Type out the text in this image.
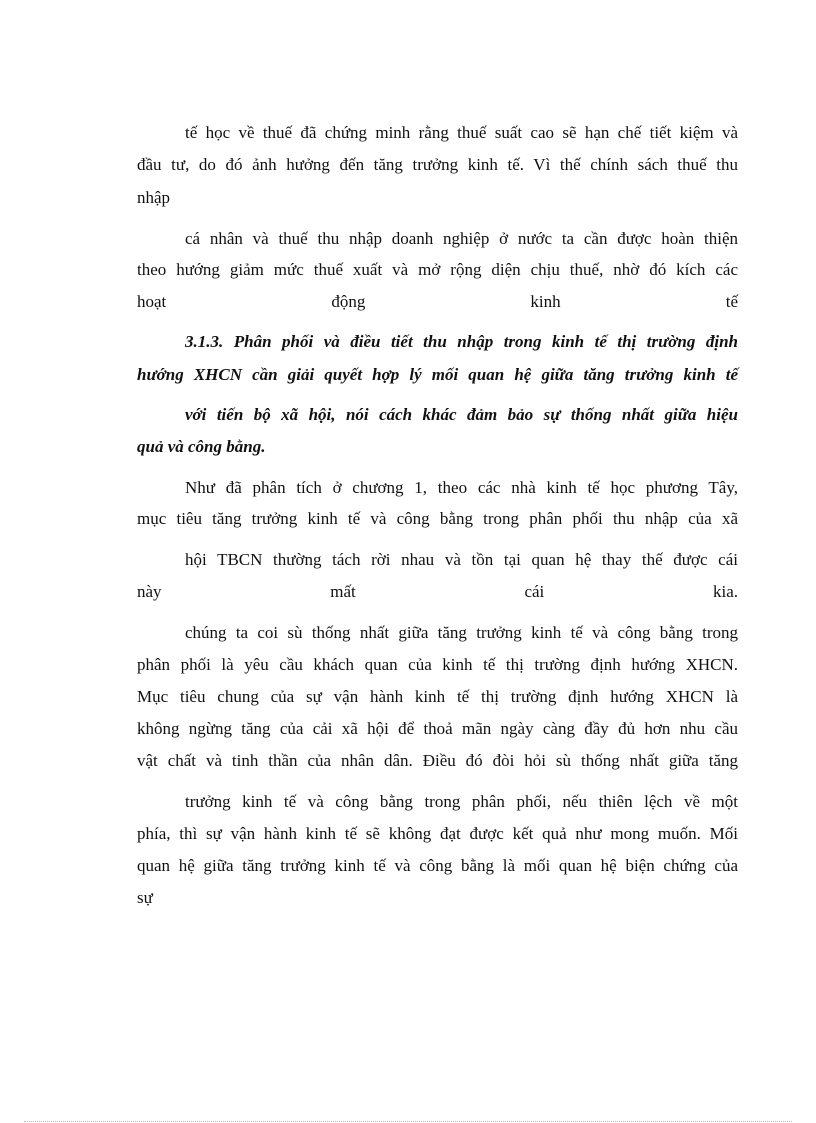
tế học về thuế đã chứng minh rằng thuế suất cao sẽ hạn chế tiết kiệm và
đầu tư, do đó ảnh hưởng đến tăng trưởng kinh tế. Vì thế chính sách thuế thu
nhập
cá nhân và thuế thu nhập doanh nghiệp ở nước ta cần được hoàn thiện
theo hướng giảm mức thuế xuất và mở rộng diện chịu thuế, nhờ đó kích các
hoạt động kinh tế
3.1.3. Phân phối và điều tiết thu nhập trong kinh tế thị trường định
hướng XHCN cần giải quyết hợp lý mối quan hệ giữa tăng trưởng kinh tế
với tiến bộ xã hội, nói cách khác đảm bảo sự thống nhất giữa hiệu
quả và công bằng.
Như đã phân tích ở chương 1, theo các nhà kinh tế học phương Tây,
mục tiêu tăng trưởng kinh tế và công bằng trong phân phối thu nhập của xã
hội TBCN thường tách rời nhau và tồn tại quan hệ thay thế được cái
này mất cái kia.
chúng ta coi sù thống nhất giữa tăng trưởng kinh tế và công bằng trong
phân phối là yêu cầu khách quan của kinh tế thị trường định hướng XHCN.
Mục tiêu chung của sự vận hành kinh tế thị trường định hướng XHCN là
không ngừng tăng của cải xã hội để thoả mãn ngày càng đầy đủ hơn nhu cầu
vật chất và tinh thần của nhân dân. Điều đó đòi hỏi sù thống nhất giữa tăng
trưởng kinh tế và công bằng trong phân phối, nếu thiên lệch về một
phía, thì sự vận hành kinh tế sẽ không đạt được kết quả như mong muốn. Mối
quan hệ giữa tăng trưởng kinh tế và công bằng là mối quan hệ biện chứng của
sự
